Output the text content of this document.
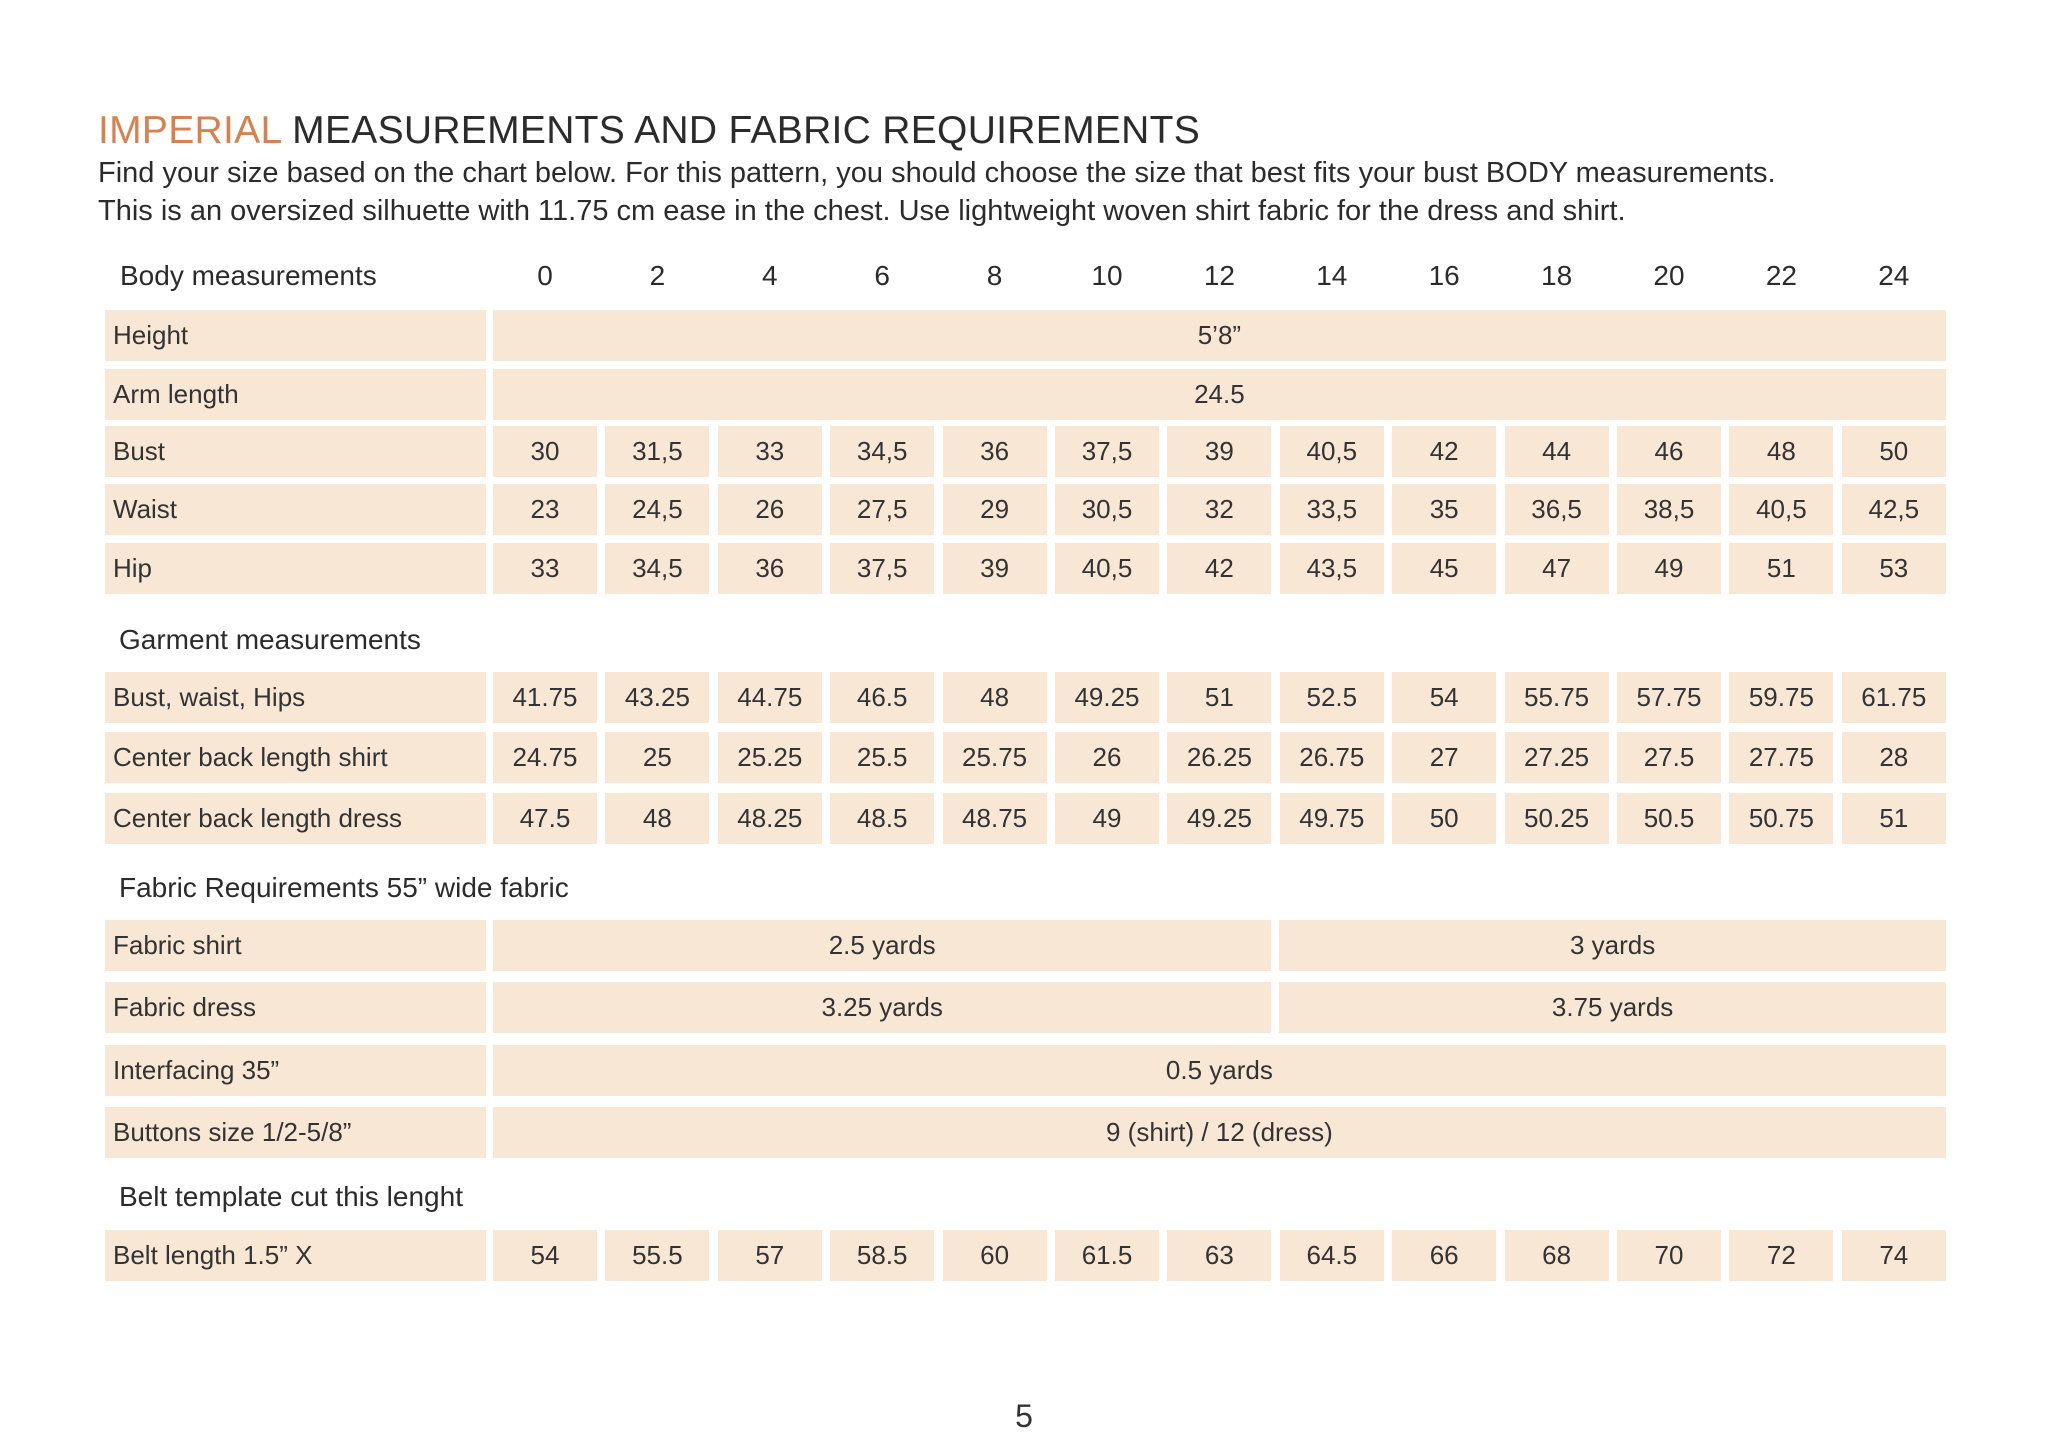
IMPERIAL MEASUREMENTS AND FABRIC REQUIREMENTS
Find your size based on the chart below. For this pattern, you should choose the size that best fits your bust BODY measurements.
This is an oversized silhuette with 11.75 cm ease in the chest. Use lightweight woven shirt fabric for the dress and shirt.
Body measurements	0	2	4	6	8	10	12	14	16	18	20	22	24
Height	5’8”
Arm length	24.5
Bust	30	31,5	33	34,5	36	37,5	39	40,5	42	44	46	48	50
Waist	23	24,5	26	27,5	29	30,5	32	33,5	35	36,5	38,5	40,5	42,5
Hip	33	34,5	36	37,5	39	40,5	42	43,5	45	47	49	51	53
Garment measurements
Bust, waist, Hips	41.75	43.25	44.75	46.5	48	49.25	51	52.5	54	55.75	57.75	59.75	61.75
Center back length shirt	24.75	25	25.25	25.5	25.75	26	26.25	26.75	27	27.25	27.5	27.75	28
Center back length dress	47.5	48	48.25	48.5	48.75	49	49.25	49.75	50	50.25	50.5	50.75	51
Fabric Requirements 55” wide fabric
Fabric shirt	2.5 yards	3 yards
Fabric dress	3.25 yards	3.75 yards
Interfacing 35”	0.5 yards
Buttons size 1/2-5/8”	9 (shirt) / 12 (dress)
Belt template cut this lenght
Belt length 1.5” X	54	55.5	57	58.5	60	61.5	63	64.5	66	68	70	72	74
5
